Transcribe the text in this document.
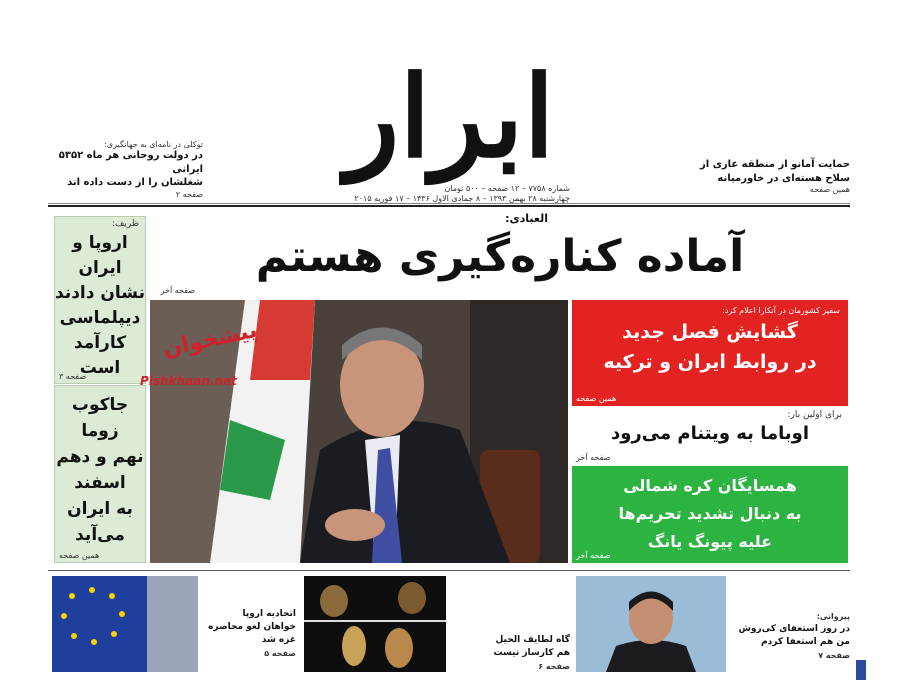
ابرار
شماره ۷۷۵۸ – ۱۲ صفحه – ۵۰۰ تومان
چهارشنبه ۲۸ بهمن ۱۳۹۳ – ۸ جمادی الاول ۱۴۳۶ – ۱۷ فوریه ۲۰۱۵
توکلی در نامه‌ای به جهانگیری:
در دولت روحانی هر ماه ۵۳۵۲ ایرانی
شغلشان را از دست داده اند
صفحه ۲
حمایت آمانو از منطقه عاری از
سلاح هسته‌ای در خاورمیانه
همین صفحه
العبادی:
آماده کناره‌گیری هستم
صفحه آخر
ظریف:
اروپا و ایران
نشان دادند
دیپلماسی
کارآمد
است
صفحه ۳
جاکوب
زوما
نهم و دهم
اسفند
به ایران
می‌آید
همین صفحه
پیشخوان
Pishkhaan.net
سفیر کشورمان در آنکارا اعلام کرد:
گشایش فصل جدید
در روابط ایران و ترکیه
همین صفحه
برای اولین بار:
اوباما به ویتنام می‌رود
صفحه آخر
همسایگان کره شمالی
به دنبال تشدید تحریم‌ها
علیه پیونگ یانگ
صفحه آخر
اتحادیه اروپا
خواهان لغو محاصره
غزه شد
صفحه ۵
گاه لطایف الحیل
هم کارساز نیست
صفحه ۶
پیروانی:
در روز استعفای کی‌روش
من هم استعفا کردم
صفحه ۷
